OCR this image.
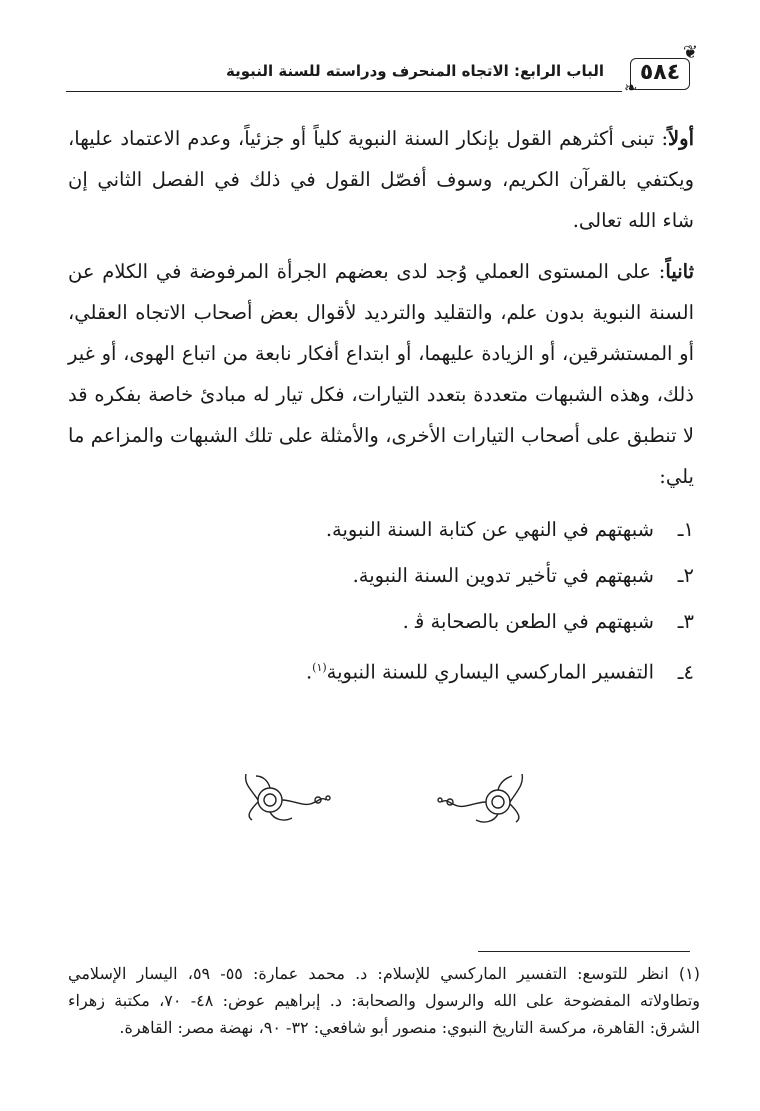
❦
٥٨٤
❧
الباب الرابع: الاتجاه المنحرف ودراسته للسنة النبوية

أولاً: تبنى أكثرهم القول بإنكار السنة النبوية كلياً أو جزئياً، وعدم الاعتماد عليها، ويكتفي بالقرآن الكريم، وسوف أفصّل القول في ذلك في الفصل الثاني إن شاء الله تعالى.

ثانياً: على المستوى العملي وُجد لدى بعضهم الجرأة المرفوضة في الكلام عن السنة النبوية بدون علم، والتقليد والترديد لأقوال بعض أصحاب الاتجاه العقلي، أو المستشرقين، أو الزيادة عليهما، أو ابتداع أفكار نابعة من اتباع الهوى، أو غير ذلك، وهذه الشبهات متعددة بتعدد التيارات، فكل تيار له مبادئ خاصة بفكره قد لا تنطبق على أصحاب التيارات الأخرى، والأمثلة على تلك الشبهات والمزاعم ما يلي:

١ـشبهتهم في النهي عن كتابة السنة النبوية.
٢ـشبهتهم في تأخير تدوين السنة النبوية.
٣ـشبهتهم في الطعن بالصحابة ﭬ .
٤ـالتفسير الماركسي اليساري للسنة النبوية$^{(١)}$.
(١) انظر للتوسع: التفسير الماركسي للإسلام: د. محمد عمارة: ٥٥- ٥٩، اليسار الإسلامي وتطاولاته المفضوحة على الله والرسول والصحابة: د. إبراهيم عوض: ٤٨- ٧٠، مكتبة زهراء الشرق: القاهرة، مركسة التاريخ النبوي: منصور أبو شافعي: ٣٢- ٩٠، نهضة مصر: القاهرة.
